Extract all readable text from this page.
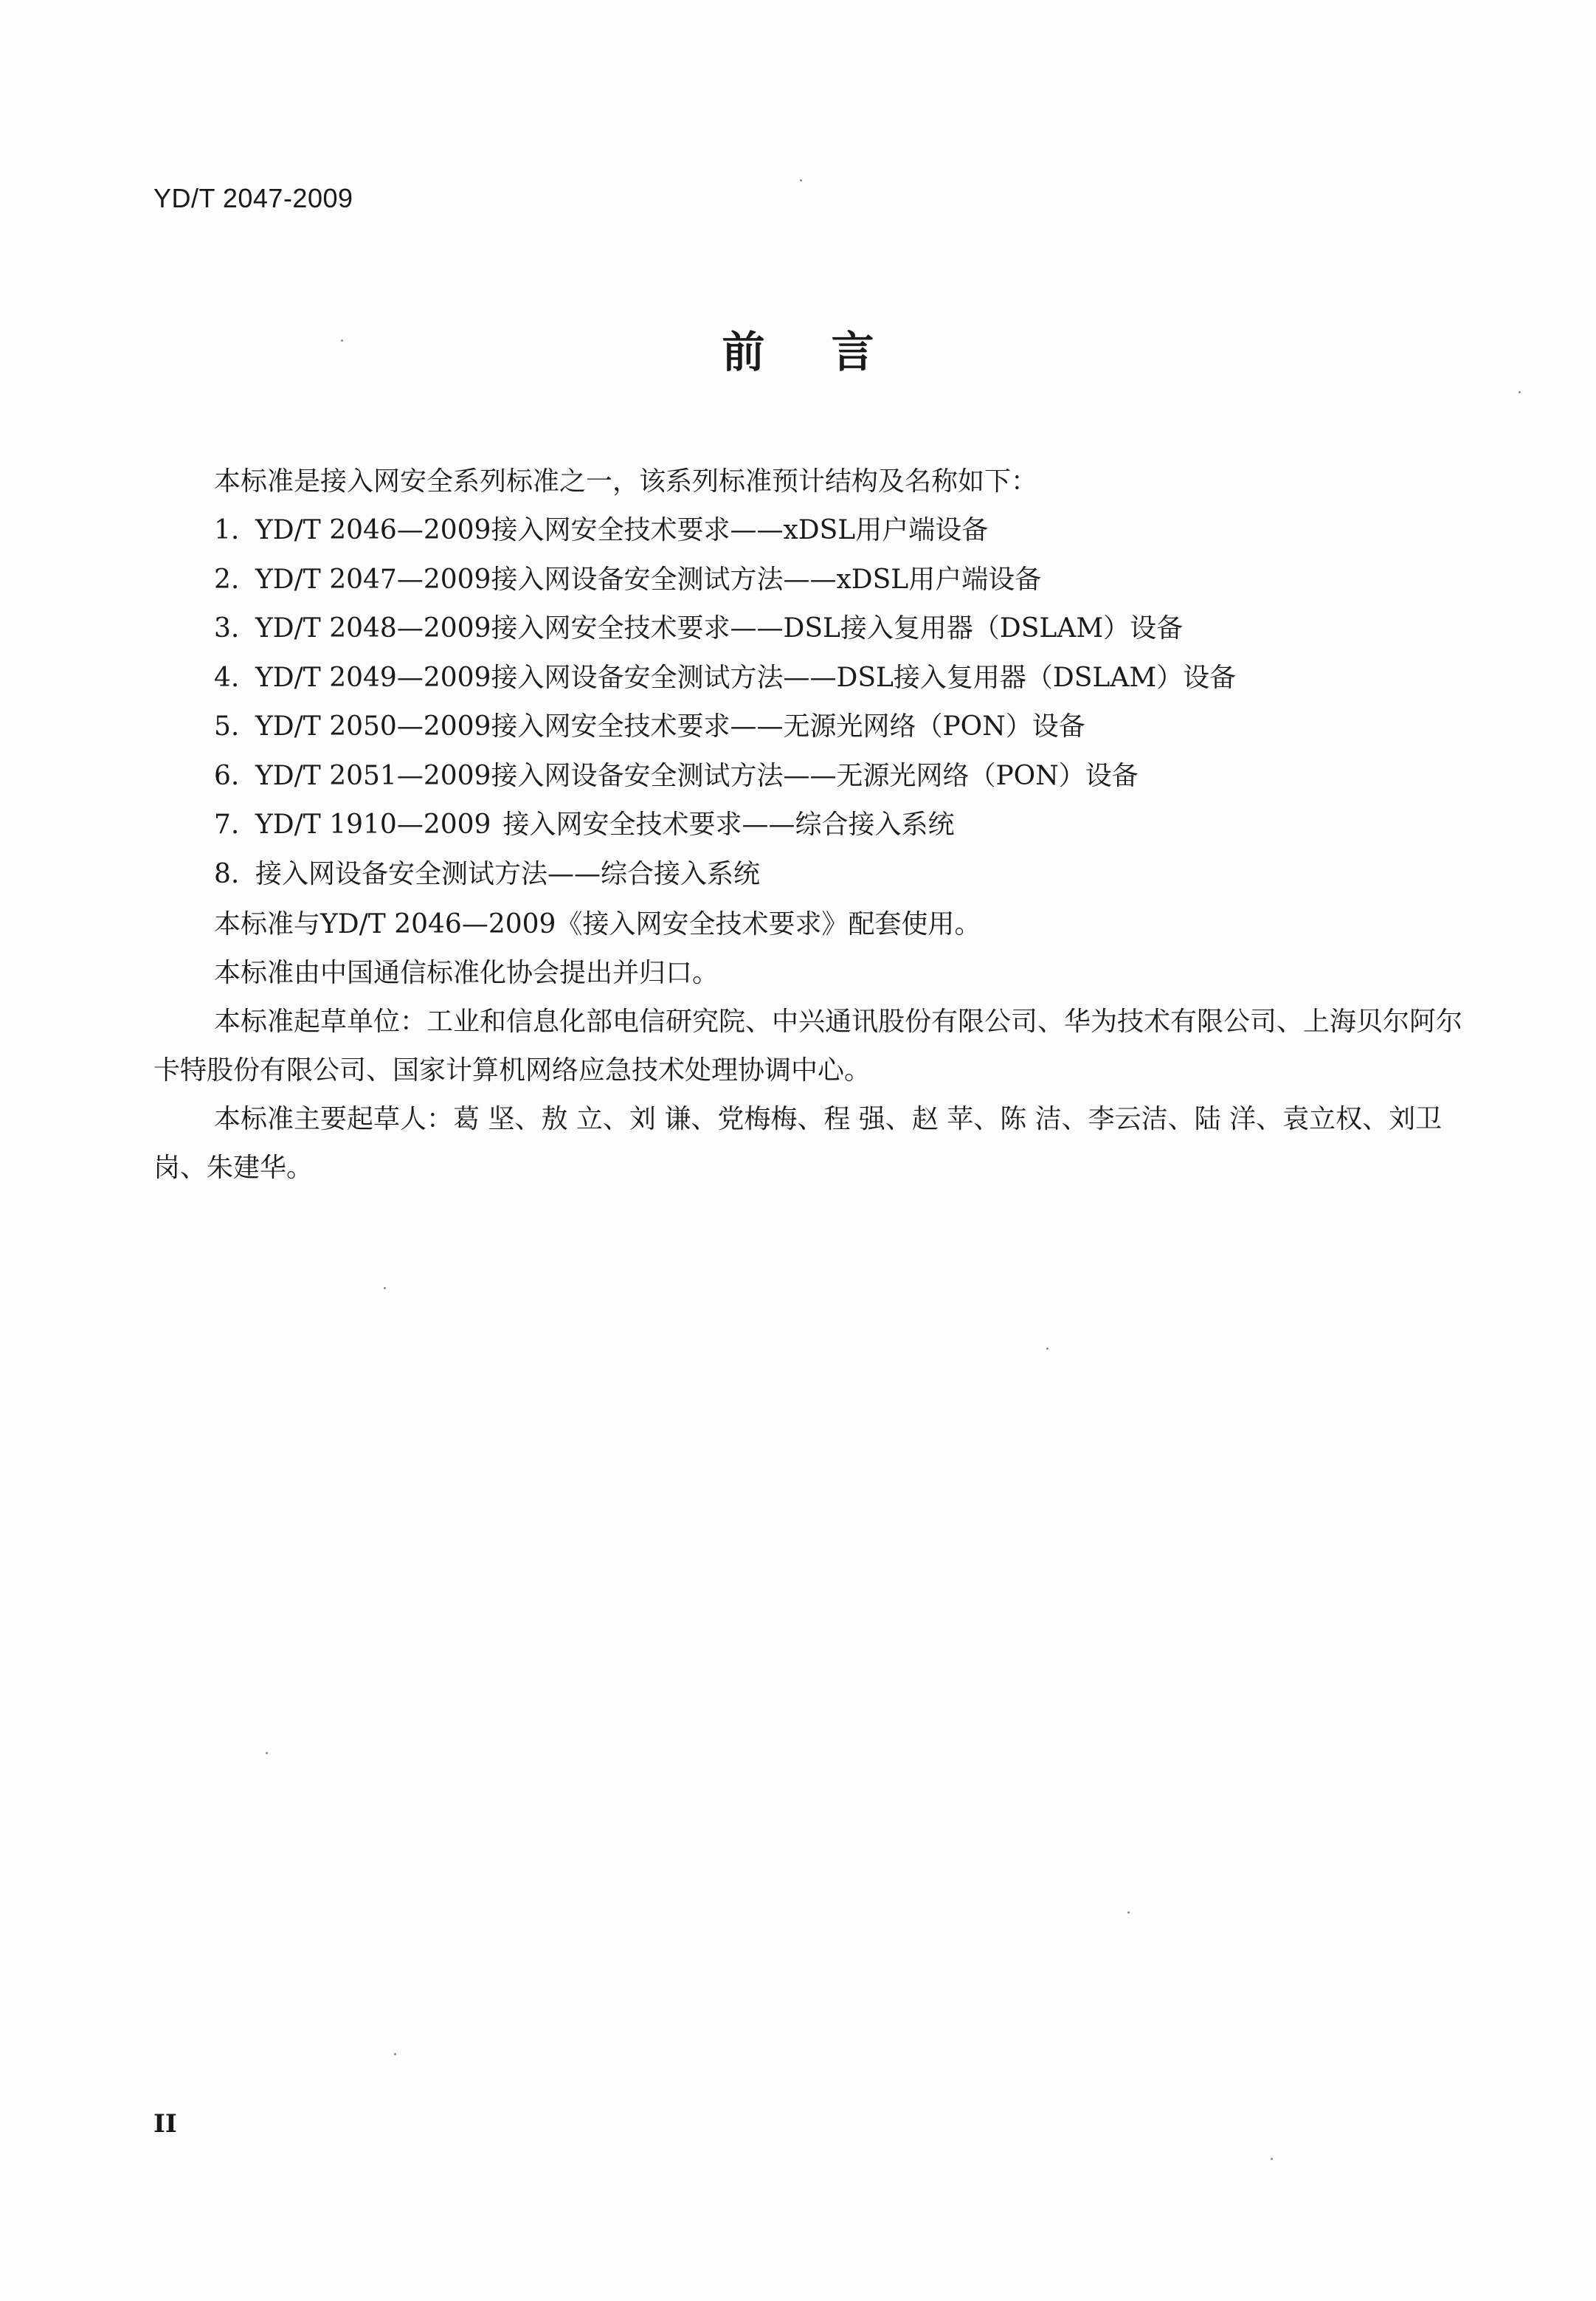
YD/T 2047-2009
前言
本标准是接入网安全系列标准之一，该系列标准预计结构及名称如下：
1. YD/T 2046—2009接入网安全技术要求——xDSL用户端设备
2. YD/T 2047—2009接入网设备安全测试方法——xDSL用户端设备
3. YD/T 2048—2009接入网安全技术要求——DSL接入复用器（DSLAM）设备
4. YD/T 2049—2009接入网设备安全测试方法——DSL接入复用器（DSLAM）设备
5. YD/T 2050—2009接入网安全技术要求——无源光网络（PON）设备
6. YD/T 2051—2009接入网设备安全测试方法——无源光网络（PON）设备
7. YD/T 1910—2009 接入网安全技术要求——综合接入系统
8. 接入网设备安全测试方法——综合接入系统
本标准与YD/T 2046—2009《接入网安全技术要求》配套使用。
本标准由中国通信标准化协会提出并归口。
本标准起草单位：工业和信息化部电信研究院、中兴通讯股份有限公司、华为技术有限公司、上海贝尔阿尔卡特股份有限公司、国家计算机网络应急技术处理协调中心。
本标准主要起草人：葛 坚、敖 立、刘 谦、党梅梅、程 强、赵 苹、陈 洁、李云洁、陆 洋、袁立权、刘卫岗、朱建华。
II
